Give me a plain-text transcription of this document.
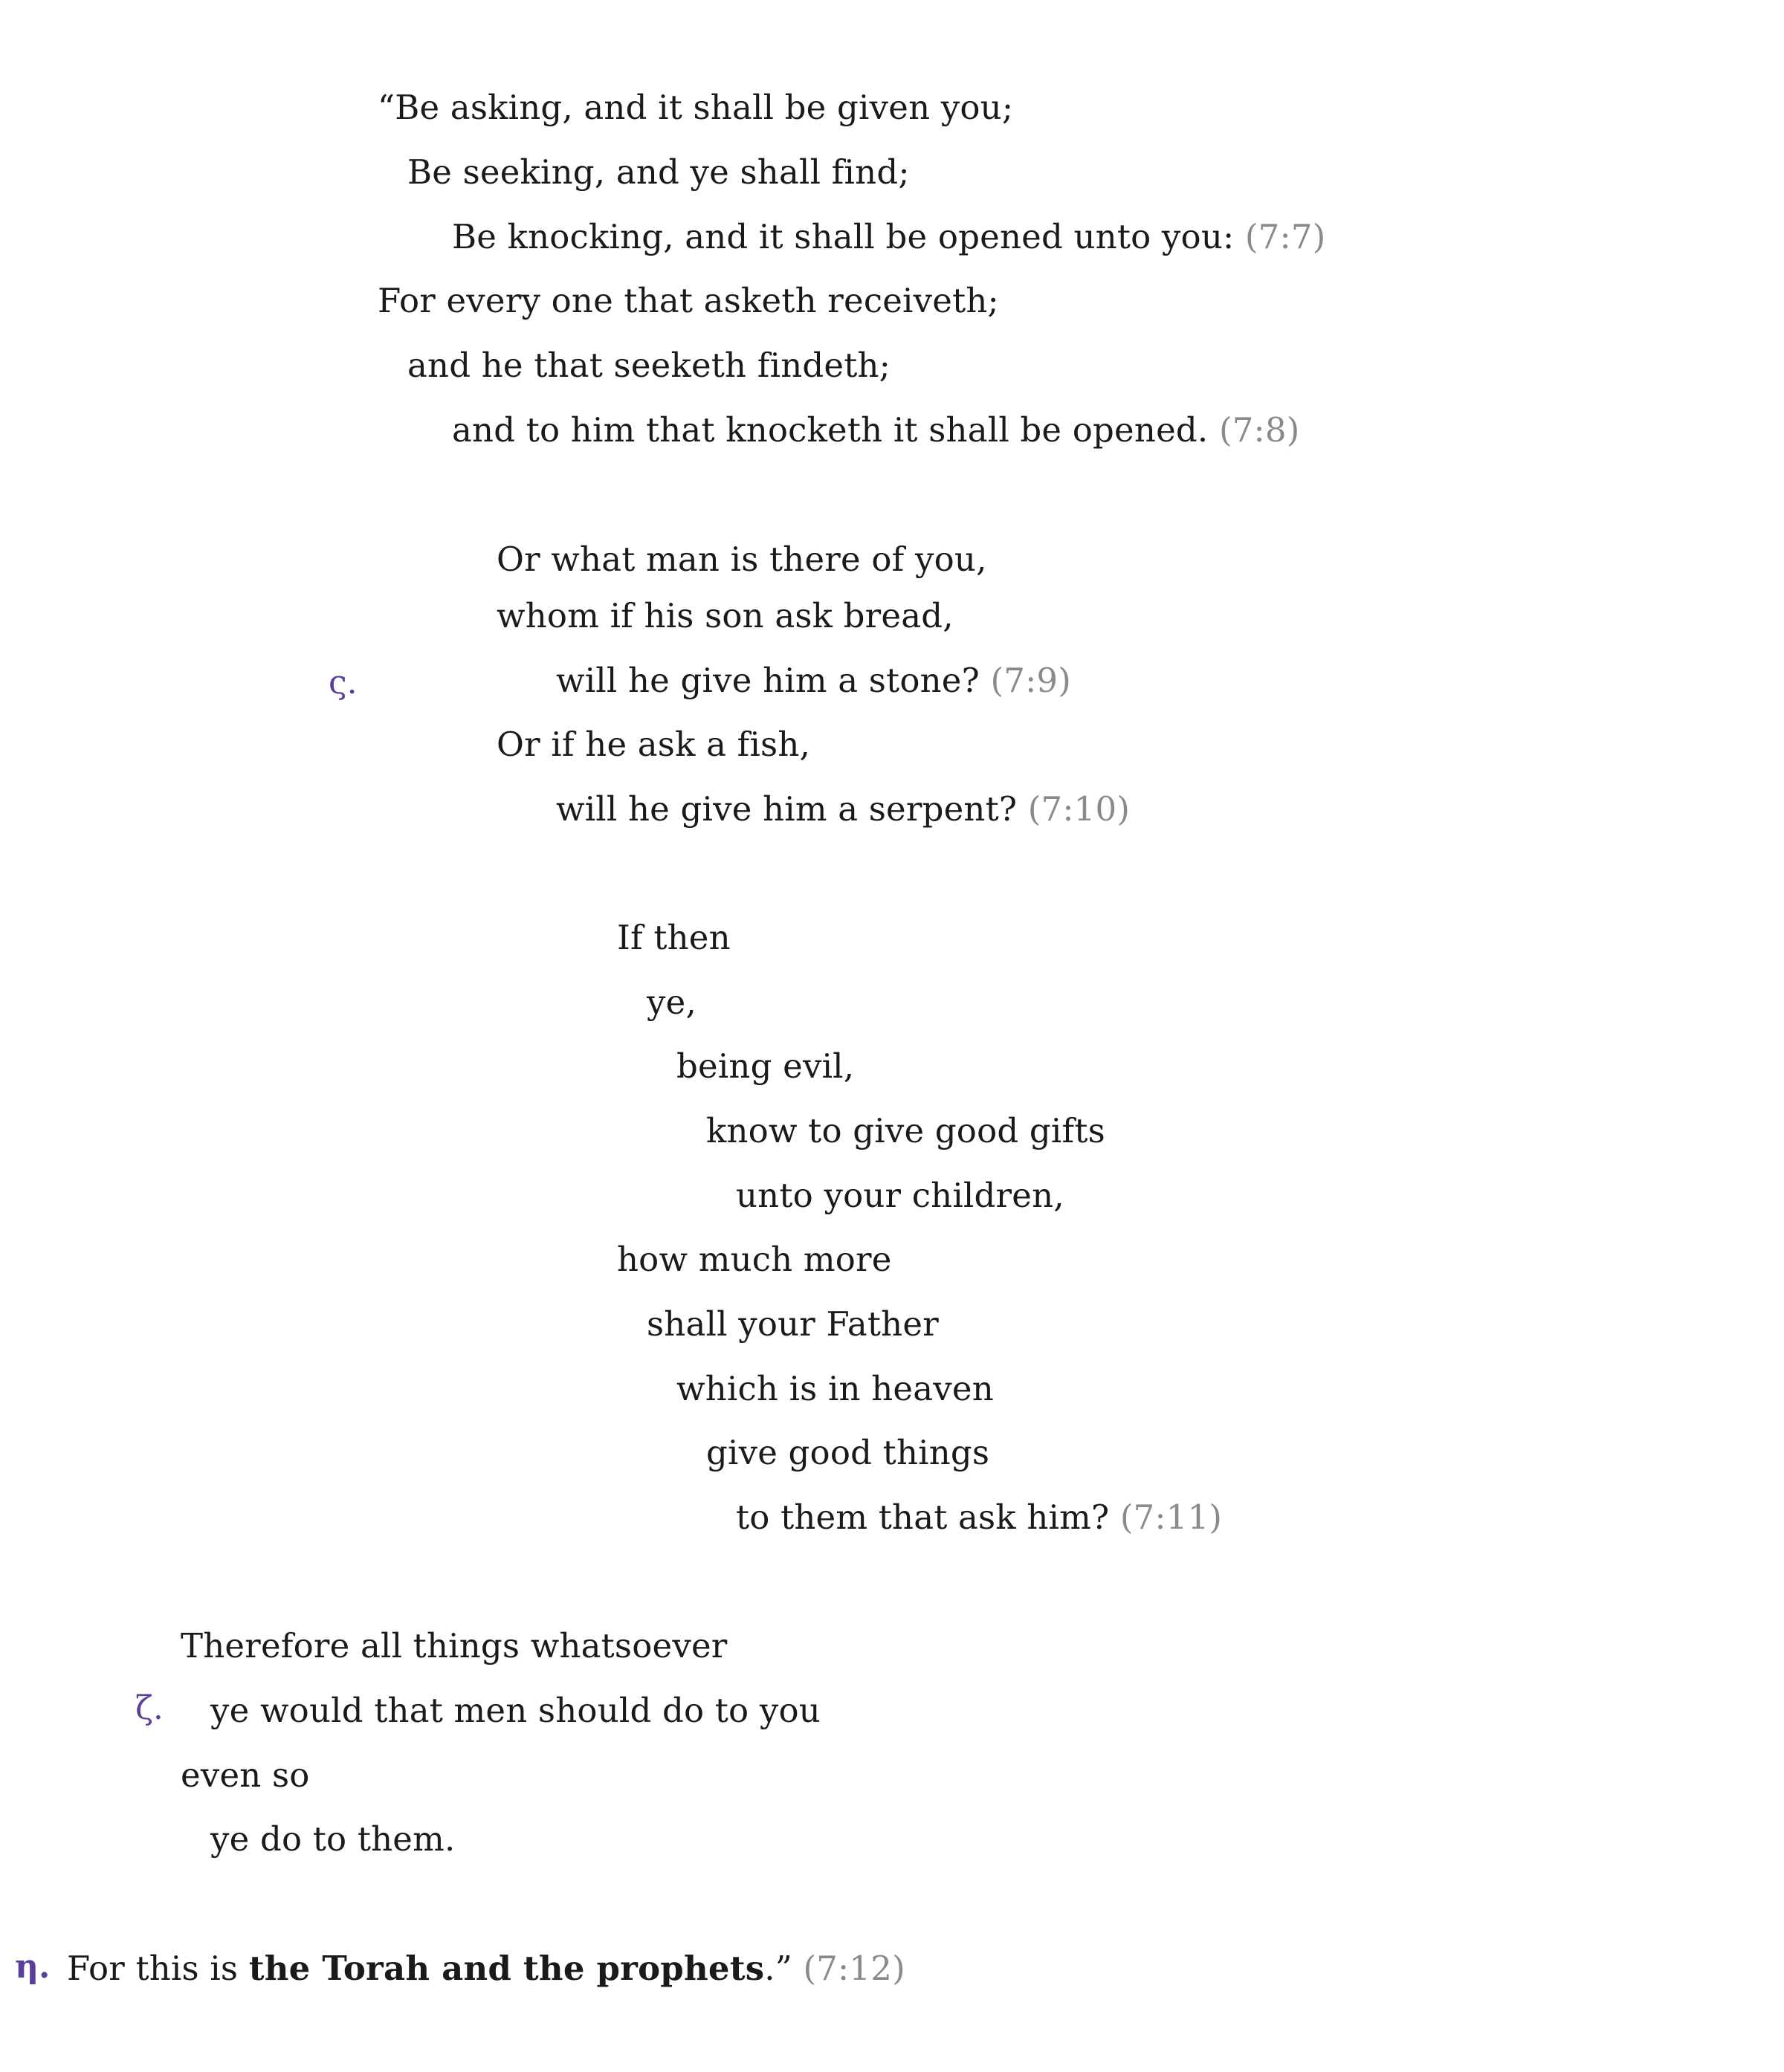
“Be asking, and it shall be given you;
Be seeking, and ye shall find;
Be knocking, and it shall be opened unto you: (7:7)
For every one that asketh receiveth;
and he that seeketh findeth;
and to him that knocketh it shall be opened. (7:8)
ς.
Or what man is there of you,
whom if his son ask bread,
will he give him a stone? (7:9)
Or if he ask a fish,
will he give him a serpent? (7:10)
If then
ye,
being evil,
know to give good gifts
unto your children,
how much more
shall your Father
which is in heaven
give good things
to them that ask him? (7:11)
ζ.
Therefore all things whatsoever
ye would that men should do to you
even so
ye do to them.
η. For this is the Torah and the prophets.” (7:12)
